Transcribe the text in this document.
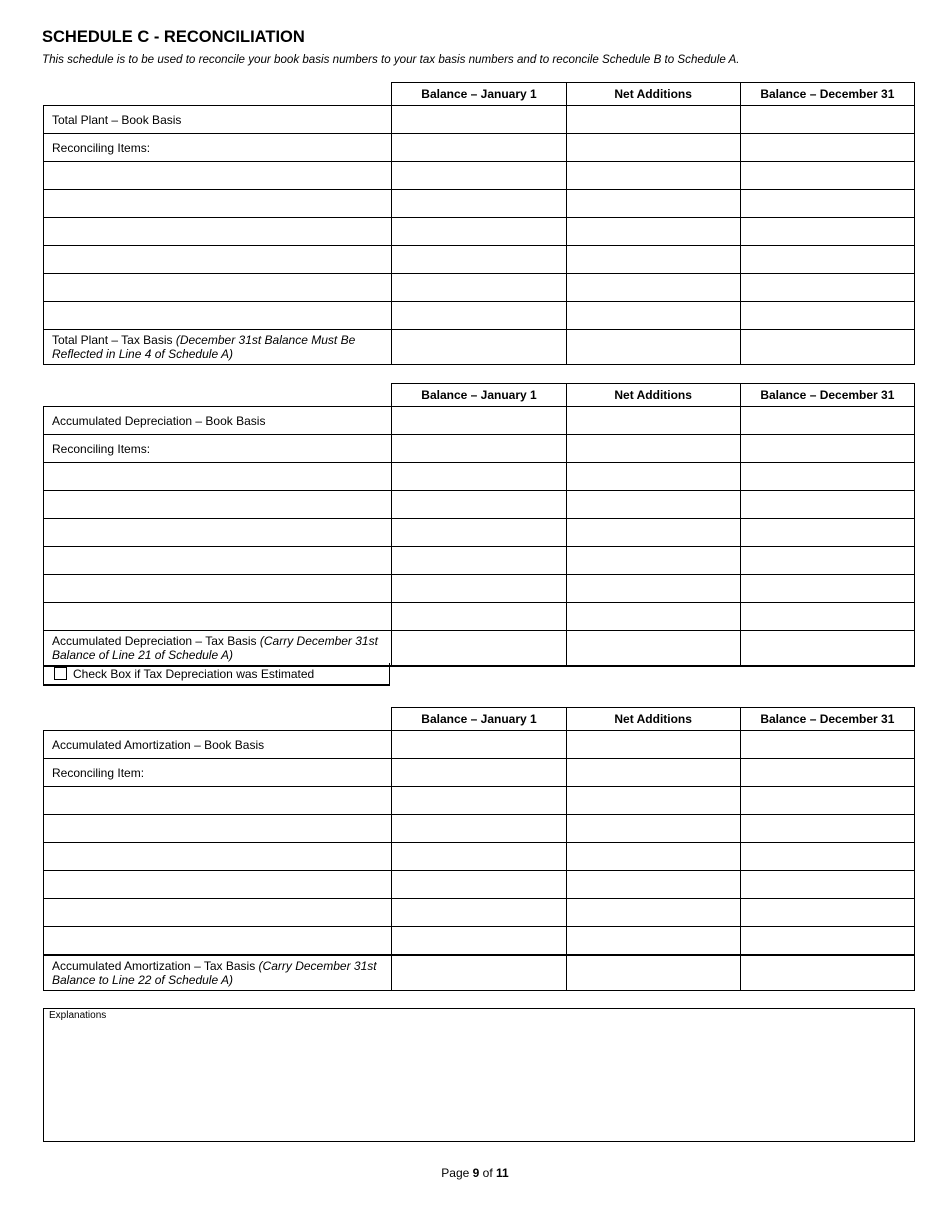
SCHEDULE C - RECONCILIATION

This schedule is to be used to reconcile your book basis numbers to your tax basis numbers and to reconcile Schedule B to Schedule A.

	Balance – January 1	Net Additions	Balance – December 31
Total Plant – Book Basis			
Reconciling Items:			

Total Plant – Tax Basis (December 31st Balance Must Be Reflected in Line 4 of Schedule A)			
	Balance – January 1	Net Additions	Balance – December 31
Accumulated Depreciation – Book Basis			
Reconciling Items:			

Accumulated Depreciation – Tax Basis (Carry December 31st Balance of Line 21 of Schedule A)			
Check Box if Tax Depreciation was Estimated
	Balance – January 1	Net Additions	Balance – December 31
Accumulated Amortization – Book Basis			
Reconciling Item:			

Accumulated Amortization – Tax Basis (Carry December 31st Balance to Line 22 of Schedule A)			
Explanations
Page 9 of 11
